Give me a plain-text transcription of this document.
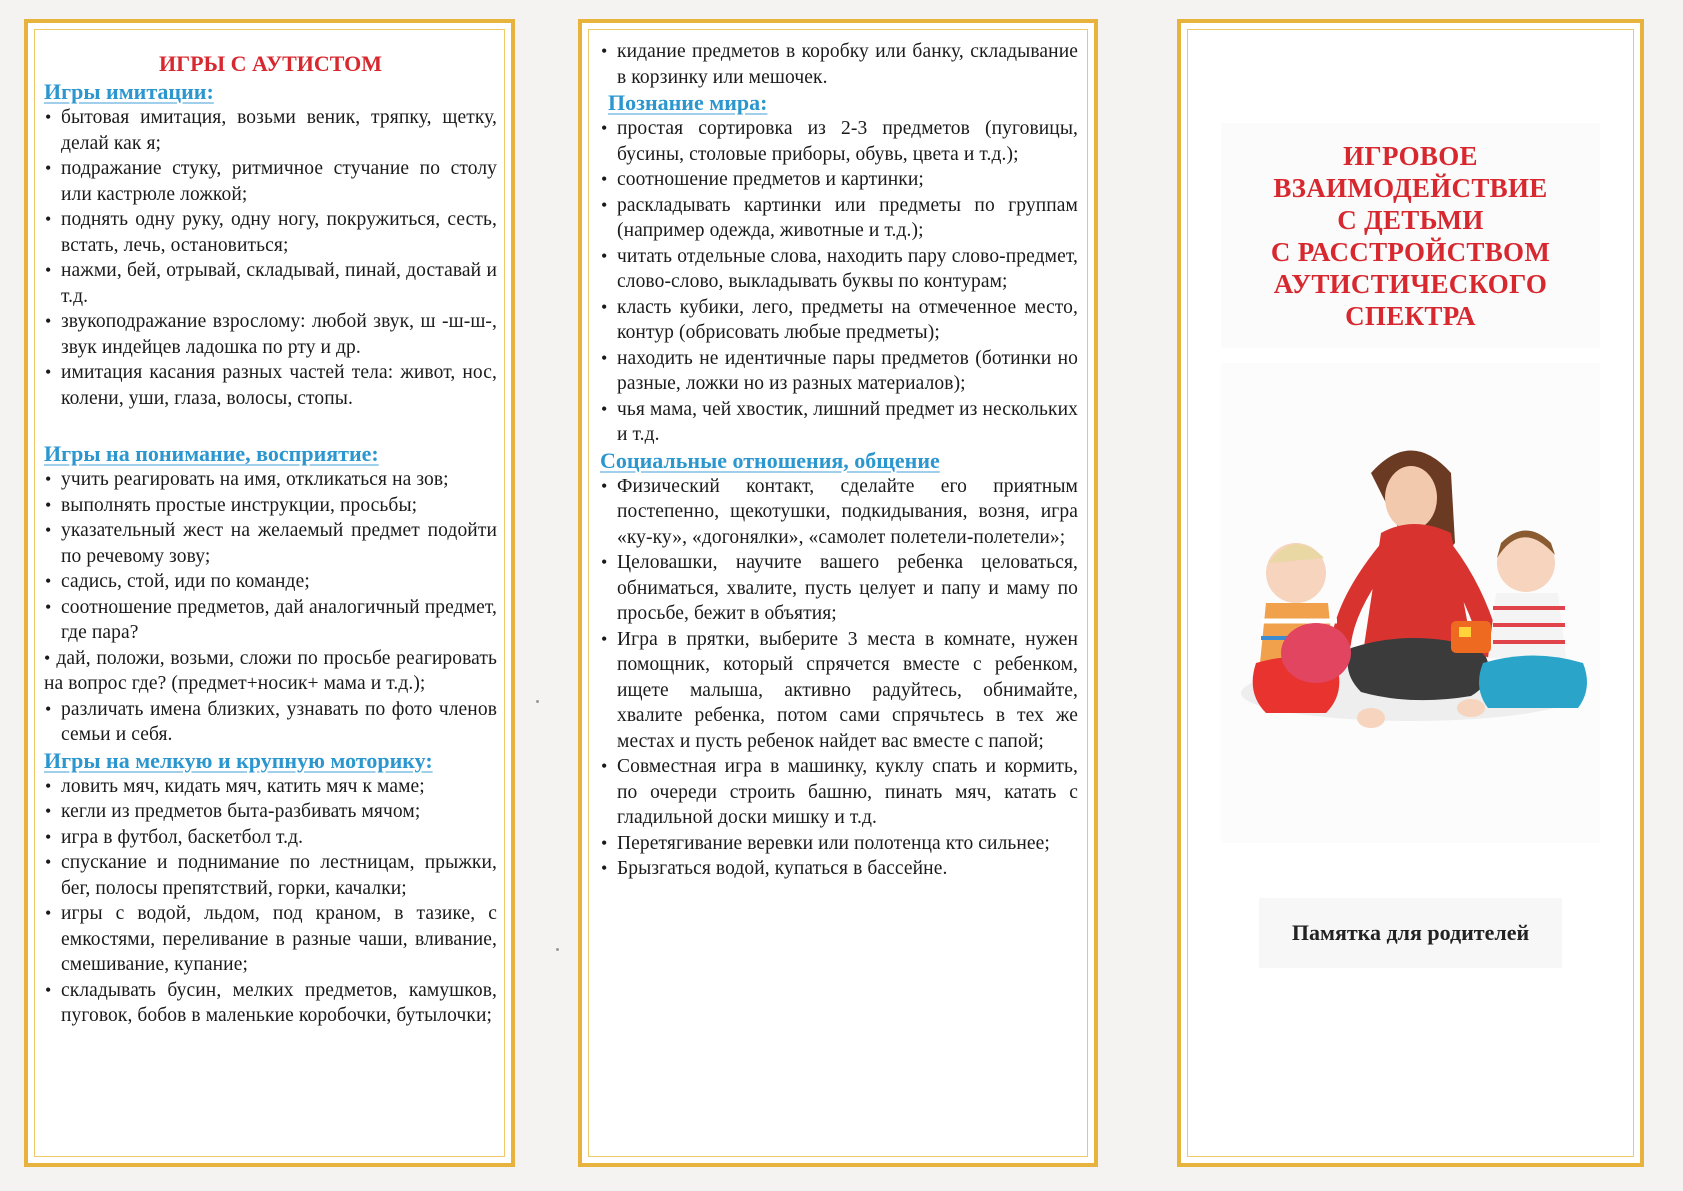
ИГРЫ С АУТИСТОМ
Игры имитации:
• бытовая имитация, возьми веник, тряпку, щетку, делай как я;
• подражание стуку, ритмичное стучание по столу или кастрюле ложкой;
• поднять одну руку, одну ногу, покружиться, сесть, встать, лечь, остановиться;
• нажми, бей, отрывай, складывай, пинай, доставай и т.д.
• звукоподражание взрослому: любой звук, ш -ш-ш-, звук индейцев ладошка по рту и др.
• имитация касания разных частей тела: живот, нос, колени, уши, глаза, волосы, стопы.
Игры на понимание, восприятие:
• учить реагировать на имя, откликаться на зов;
• выполнять простые инструкции, просьбы;
• указательный жест на желаемый предмет подойти по речевому зову;
• садись, стой, иди по команде;
• соотношение предметов, дай аналогичный предмет, где пара?
• дай, положи, возьми, сложи по просьбе реагировать на вопрос где? (предмет+носик+ мама и т.д.);
• различать имена близких, узнавать по фото членов семьи и себя.
Игры на мелкую и крупную моторику:
• ловить мяч, кидать мяч, катить мяч к маме;
• кегли из предметов быта-разбивать мячом;
• игра в футбол, баскетбол т.д.
• спускание и поднимание по лестницам, прыжки, бег, полосы препятствий, горки, качалки;
• игры с водой, льдом, под краном, в тазике, с емкостями, переливание в разные чаши, вливание, смешивание, купание;
• складывать бусин, мелких предметов, камушков, пуговок, бобов в маленькие коробочки, бутылочки;
• кидание предметов в коробку или банку, складывание в корзинку или мешочек.
Познание мира:
• простая сортировка из 2-3 предметов (пуговицы, бусины, столовые приборы, обувь, цвета и т.д.);
• соотношение предметов и картинки;
• раскладывать картинки или предметы по группам (например одежда, животные и т.д.);
• читать отдельные слова, находить пару слово-предмет, слово-слово, выкладывать буквы по контурам;
• класть кубики, лего, предметы на отмеченное место, контур (обрисовать любые предметы);
• находить не идентичные пары предметов (ботинки но разные, ложки но из разных материалов);
• чья мама, чей хвостик, лишний предмет из нескольких и т.д.
Социальные отношения, общение
• Физический контакт, сделайте его приятным постепенно, щекотушки, подкидывания, возня, игра «ку-ку», «догонялки», «самолет полетели-полетели»;
• Целовашки, научите вашего ребенка целоваться, обниматься, хвалите, пусть целует и папу и маму по просьбе, бежит в объятия;
• Игра в прятки, выберите 3 места в комнате, нужен помощник, который спрячется вместе с ребенком, ищете малыша, активно радуйтесь, обнимайте, хвалите ребенка, потом сами спрячьтесь в тех же местах и пусть ребенок найдет вас вместе с папой;
• Совместная игра в машинку, куклу спать и кормить, по очереди строить башню, пинать мяч, катать с гладильной доски мишку и т.д.
• Перетягивание веревки или полотенца кто сильнее;
• Брызгаться водой, купаться в бассейне.
ИГРОВОЕ
ВЗАИМОДЕЙСТВИЕ
С ДЕТЬМИ
С РАССТРОЙСТВОМ
АУТИСТИЧЕСКОГО
СПЕКТРА
Памятка для родителей
